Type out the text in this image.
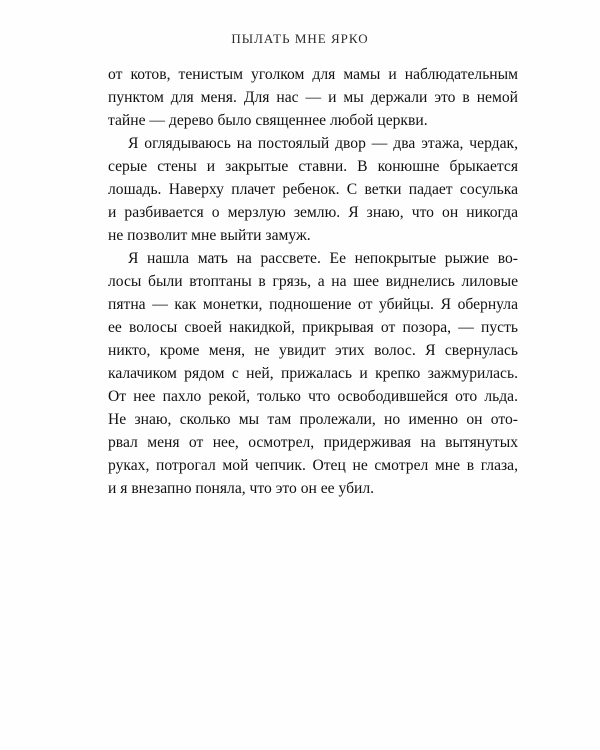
ПЫЛАТЬ МНЕ ЯРКО

от котов, тенистым уголком для мамы и наблюдательным
пунктом для меня. Для нас — и мы держали это в немой
тайне — дерево было священнее любой церкви.

Я оглядываюсь на постоялый двор — два этажа, чердак,
серые стены и закрытые ставни. В конюшне брыкается
лошадь. Наверху плачет ребенок. С ветки падает сосулька
и разбивается о мерзлую землю. Я знаю, что он никогда
не позволит мне выйти замуж.

Я нашла мать на рассвете. Ее непокрытые рыжие во-
лосы были втоптаны в грязь, а на шее виднелись лиловые
пятна — как монетки, подношение от убийцы. Я обернула
ее волосы своей накидкой, прикрывая от позора, — пусть
никто, кроме меня, не увидит этих волос. Я свернулась
калачиком рядом с ней, прижалась и крепко зажмурилась.
От нее пахло рекой, только что освободившейся ото льда.
Не знаю, сколько мы там пролежали, но именно он ото-
рвал меня от нее, осмотрел, придерживая на вытянутых
руках, потрогал мой чепчик. Отец не смотрел мне в глаза,
и я внезапно поняла, что это он ее убил.
